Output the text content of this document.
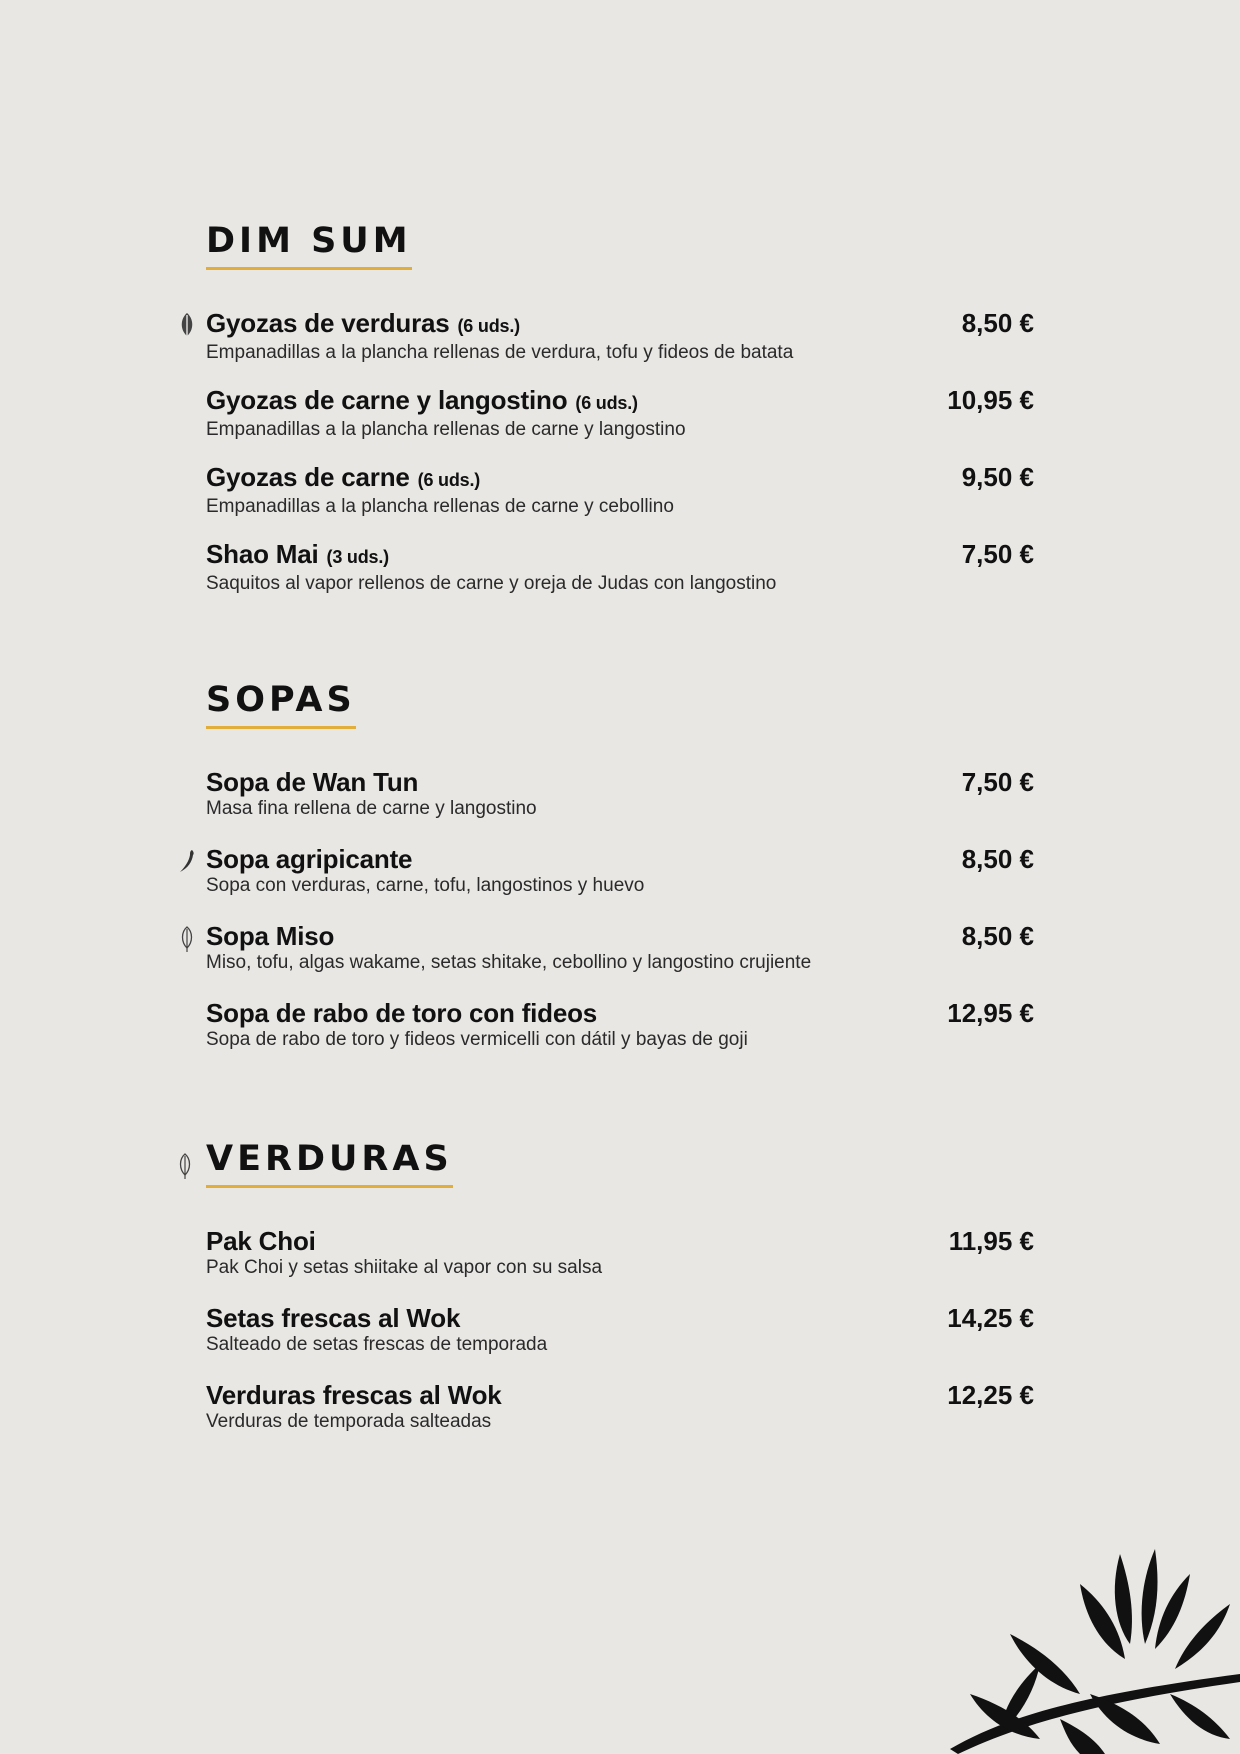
DIM SUM
Gyozas de verduras (6 uds.)
Empanadillas a la plancha rellenas de verdura, tofu y fideos de batata
8,50 €
Gyozas de carne y langostino (6 uds.)
Empanadillas a la plancha rellenas de carne y langostino
10,95 €
Gyozas de carne (6 uds.)
Empanadillas a la plancha rellenas de carne y cebollino
9,50 €
Shao Mai (3 uds.)
Saquitos al vapor rellenos de carne y oreja de Judas con langostino
7,50 €
SOPAS
Sopa de Wan Tun
Masa fina rellena de carne y langostino
7,50 €
Sopa agripicante
Sopa con verduras, carne, tofu, langostinos y huevo
8,50 €
Sopa Miso
Miso, tofu, algas wakame, setas shitake, cebollino y langostino crujiente
8,50 €
Sopa de rabo de toro con fideos
Sopa de rabo de toro y fideos vermicelli con dátil y bayas de goji
12,95 €
VERDURAS
Pak Choi
Pak Choi y setas shiitake al vapor con su salsa
11,95 €
Setas frescas al Wok
Salteado de setas frescas de temporada
14,25 €
Verduras frescas al Wok
Verduras de temporada salteadas
12,25 €
